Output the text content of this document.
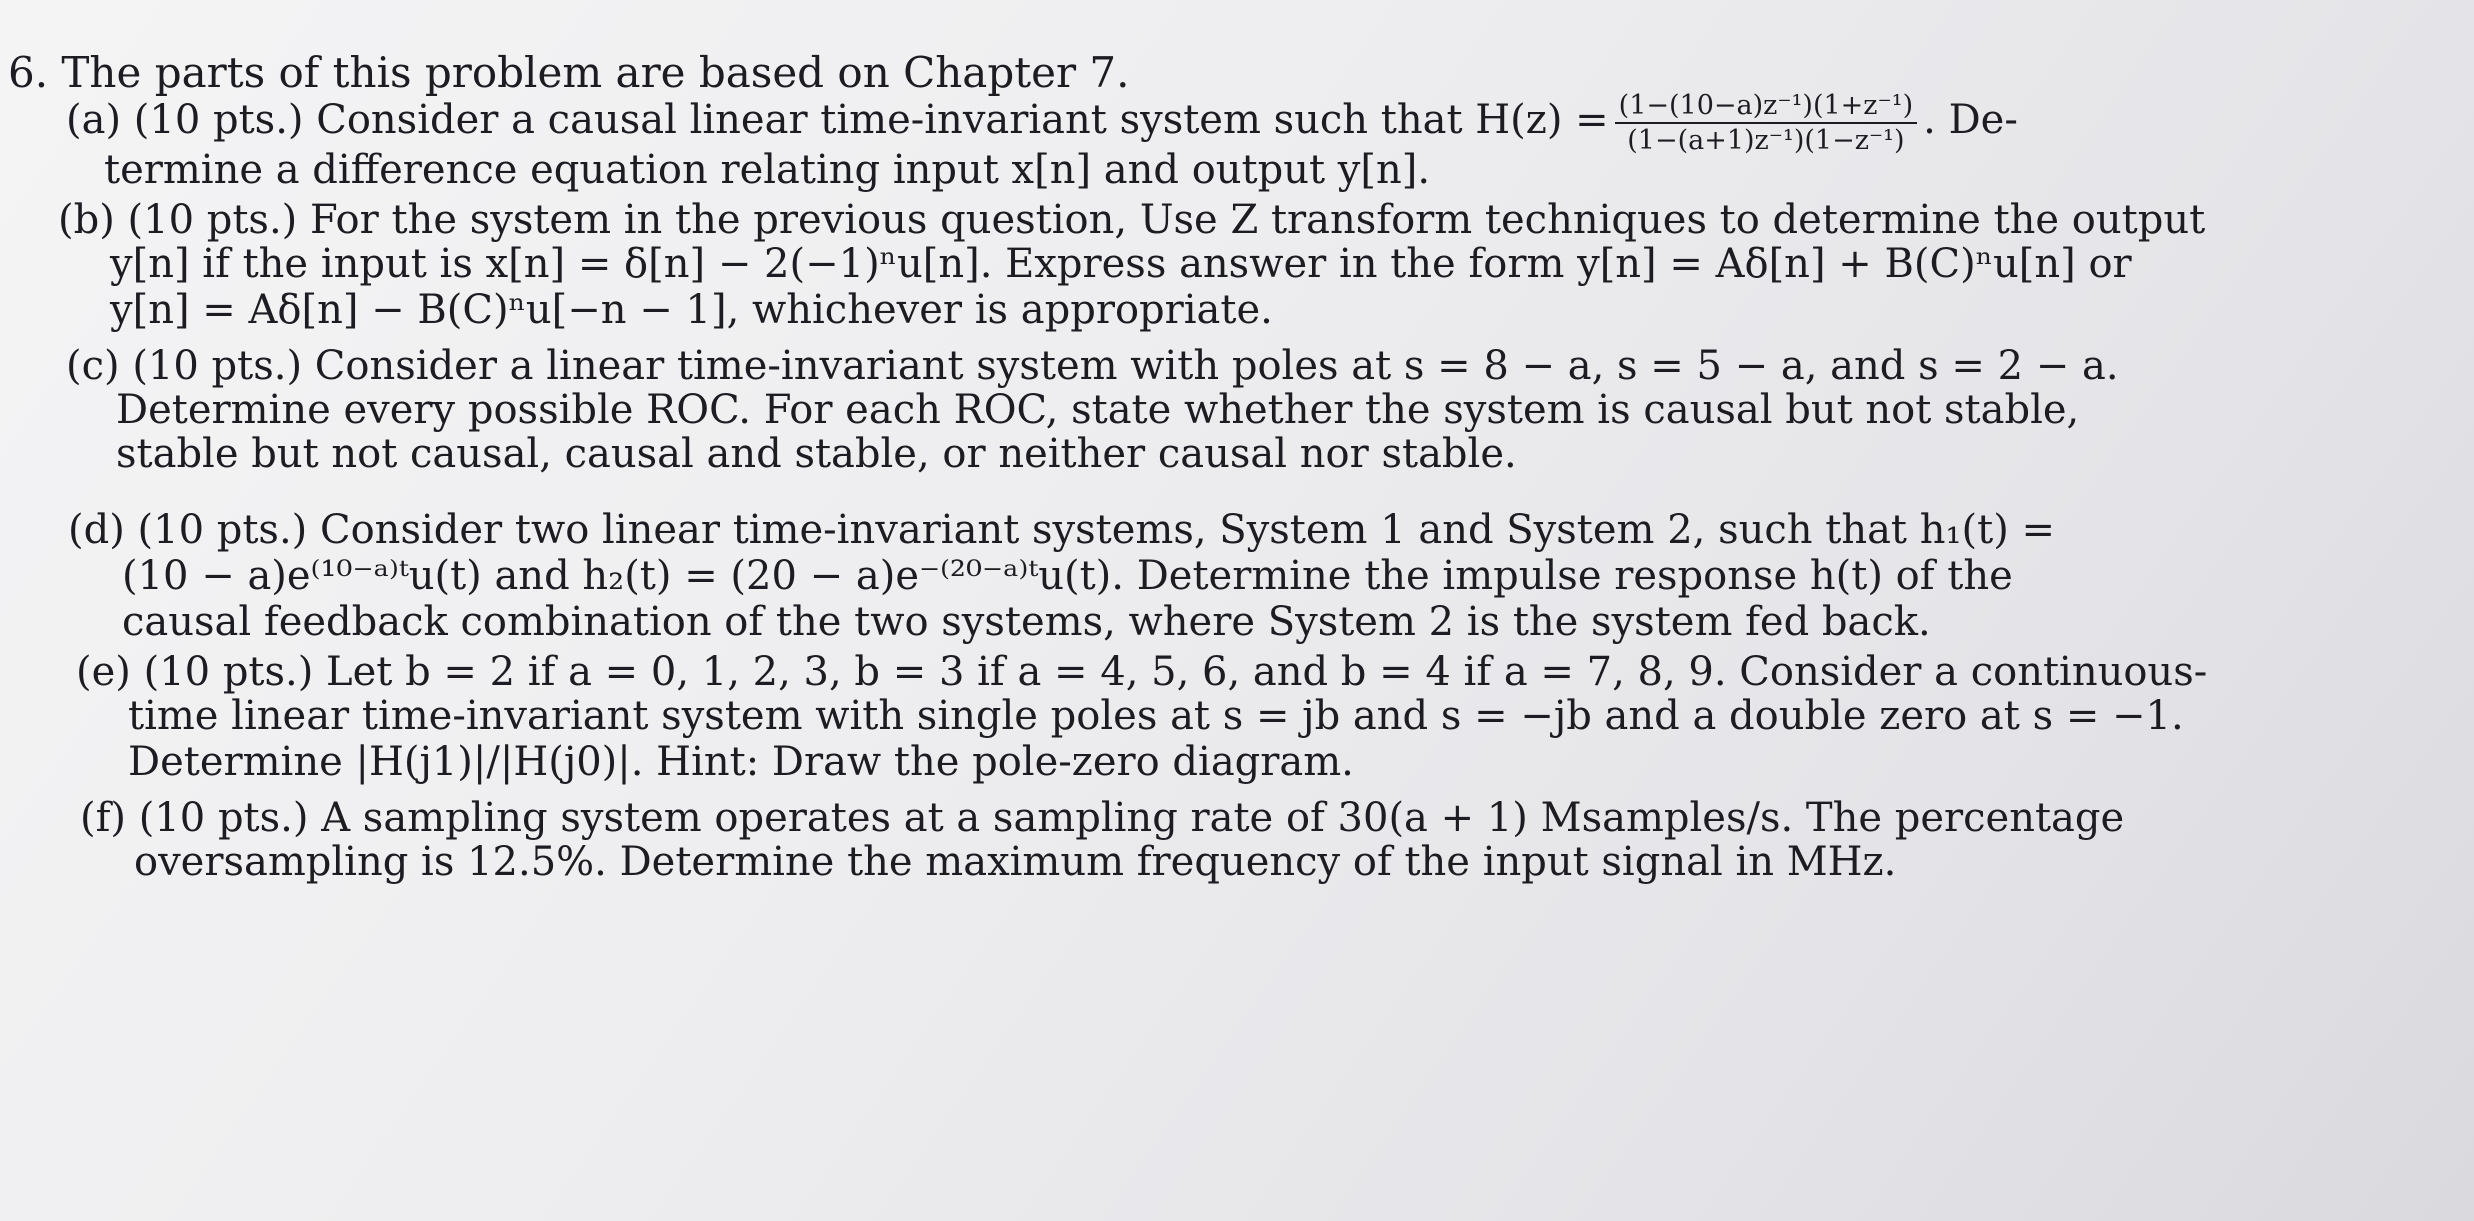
6. The parts of this problem are based on Chapter 7.
(a) (10 pts.) Consider a causal linear time-invariant system such that $H(z) = \frac{\text{(1−(10−a)z⁻¹)(1+z⁻¹)}}{\text{(1−(a+1)z⁻¹)(1−z⁻¹)}}$ . De-
termine a difference equation relating input x[n] and output y[n].
(b) (10 pts.) For the system in the previous question, Use Z transform techniques to determine the output
y[n] if the input is x[n] = δ[n] − 2(−1)ⁿu[n]. Express answer in the form y[n] = Aδ[n] + B(C)ⁿu[n] or
y[n] = Aδ[n] − B(C)ⁿu[−n − 1], whichever is appropriate.
(c) (10 pts.) Consider a linear time-invariant system with poles at s = 8 − a, s = 5 − a, and s = 2 − a.
Determine every possible ROC. For each ROC, state whether the system is causal but not stable,
stable but not causal, causal and stable, or neither causal nor stable.
(d) (10 pts.) Consider two linear time-invariant systems, System 1 and System 2, such that h₁(t) =
(10 − a)e⁽¹⁰⁻ᵃ⁾ᵗu(t) and h₂(t) = (20 − a)e⁻⁽²⁰⁻ᵃ⁾ᵗu(t). Determine the impulse response h(t) of the
causal feedback combination of the two systems, where System 2 is the system fed back.
(e) (10 pts.) Let b = 2 if a = 0, 1, 2, 3, b = 3 if a = 4, 5, 6, and b = 4 if a = 7, 8, 9. Consider a continuous-
time linear time-invariant system with single poles at s = jb and s = −jb and a double zero at s = −1.
Determine |H(j1)|/|H(j0)|. Hint: Draw the pole-zero diagram.
(f) (10 pts.) A sampling system operates at a sampling rate of 30(a + 1) Msamples/s. The percentage
oversampling is 12.5%. Determine the maximum frequency of the input signal in MHz.
